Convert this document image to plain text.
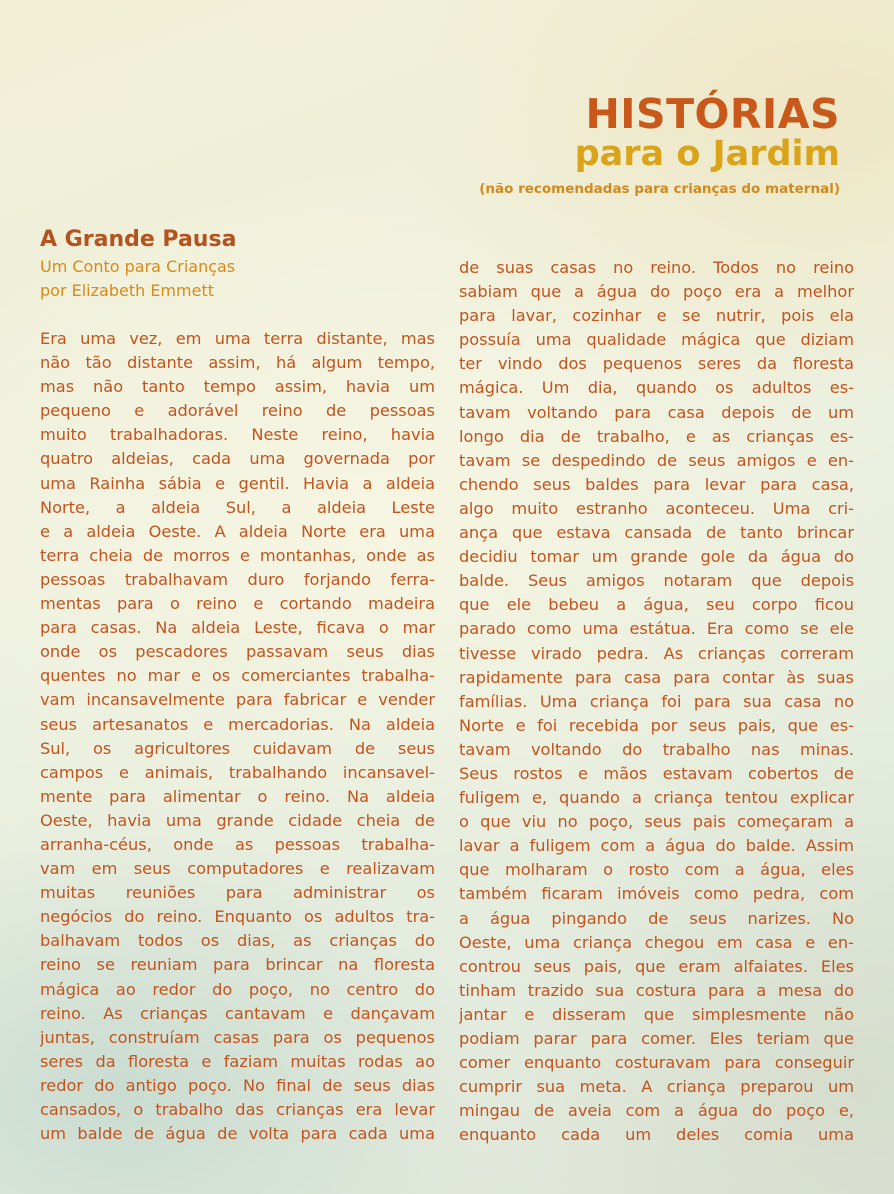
HISTÓRIAS
para o Jardim
(não recomendadas para crianças do maternal)
A Grande Pausa
Um Conto para Crianças
por Elizabeth Emmett
Era uma vez, em uma terra distante, mas
não tão distante assim, há algum tempo,
mas não tanto tempo assim, havia um
pequeno e adorável reino de pessoas
muito trabalhadoras. Neste reino, havia
quatro aldeias, cada uma governada por
uma Rainha sábia e gentil. Havia a aldeia
Norte, a aldeia Sul, a aldeia Leste
e a aldeia Oeste. A aldeia Norte era uma
terra cheia de morros e montanhas, onde as
pessoas trabalhavam duro forjando ferra-
mentas para o reino e cortando madeira
para casas. Na aldeia Leste, ficava o mar
onde os pescadores passavam seus dias
quentes no mar e os comerciantes trabalha-
vam incansavelmente para fabricar e vender
seus artesanatos e mercadorias. Na aldeia
Sul, os agricultores cuidavam de seus
campos e animais, trabalhando incansavel-
mente para alimentar o reino. Na aldeia
Oeste, havia uma grande cidade cheia de
arranha-céus, onde as pessoas trabalha-
vam em seus computadores e realizavam
muitas reuniões para administrar os
negócios do reino. Enquanto os adultos tra-
balhavam todos os dias, as crianças do
reino se reuniam para brincar na floresta
mágica ao redor do poço, no centro do
reino. As crianças cantavam e dançavam
juntas, construíam casas para os pequenos
seres da floresta e faziam muitas rodas ao
redor do antigo poço. No final de seus dias
cansados, o trabalho das crianças era levar
um balde de água de volta para cada uma
de suas casas no reino. Todos no reino
sabiam que a água do poço era a melhor
para lavar, cozinhar e se nutrir, pois ela
possuía uma qualidade mágica que diziam
ter vindo dos pequenos seres da floresta
mágica. Um dia, quando os adultos es-
tavam voltando para casa depois de um
longo dia de trabalho, e as crianças es-
tavam se despedindo de seus amigos e en-
chendo seus baldes para levar para casa,
algo muito estranho aconteceu. Uma cri-
ança que estava cansada de tanto brincar
decidiu tomar um grande gole da água do
balde. Seus amigos notaram que depois
que ele bebeu a água, seu corpo ficou
parado como uma estátua. Era como se ele
tivesse virado pedra. As crianças correram
rapidamente para casa para contar às suas
famílias. Uma criança foi para sua casa no
Norte e foi recebida por seus pais, que es-
tavam voltando do trabalho nas minas.
Seus rostos e mãos estavam cobertos de
fuligem e, quando a criança tentou explicar
o que viu no poço, seus pais começaram a
lavar a fuligem com a água do balde. Assim
que molharam o rosto com a água, eles
também ficaram imóveis como pedra, com
a água pingando de seus narizes. No
Oeste, uma criança chegou em casa e en-
controu seus pais, que eram alfaiates. Eles
tinham trazido sua costura para a mesa do
jantar e disseram que simplesmente não
podiam parar para comer. Eles teriam que
comer enquanto costuravam para conseguir
cumprir sua meta. A criança preparou um
mingau de aveia com a água do poço e,
enquanto cada um deles comia uma
